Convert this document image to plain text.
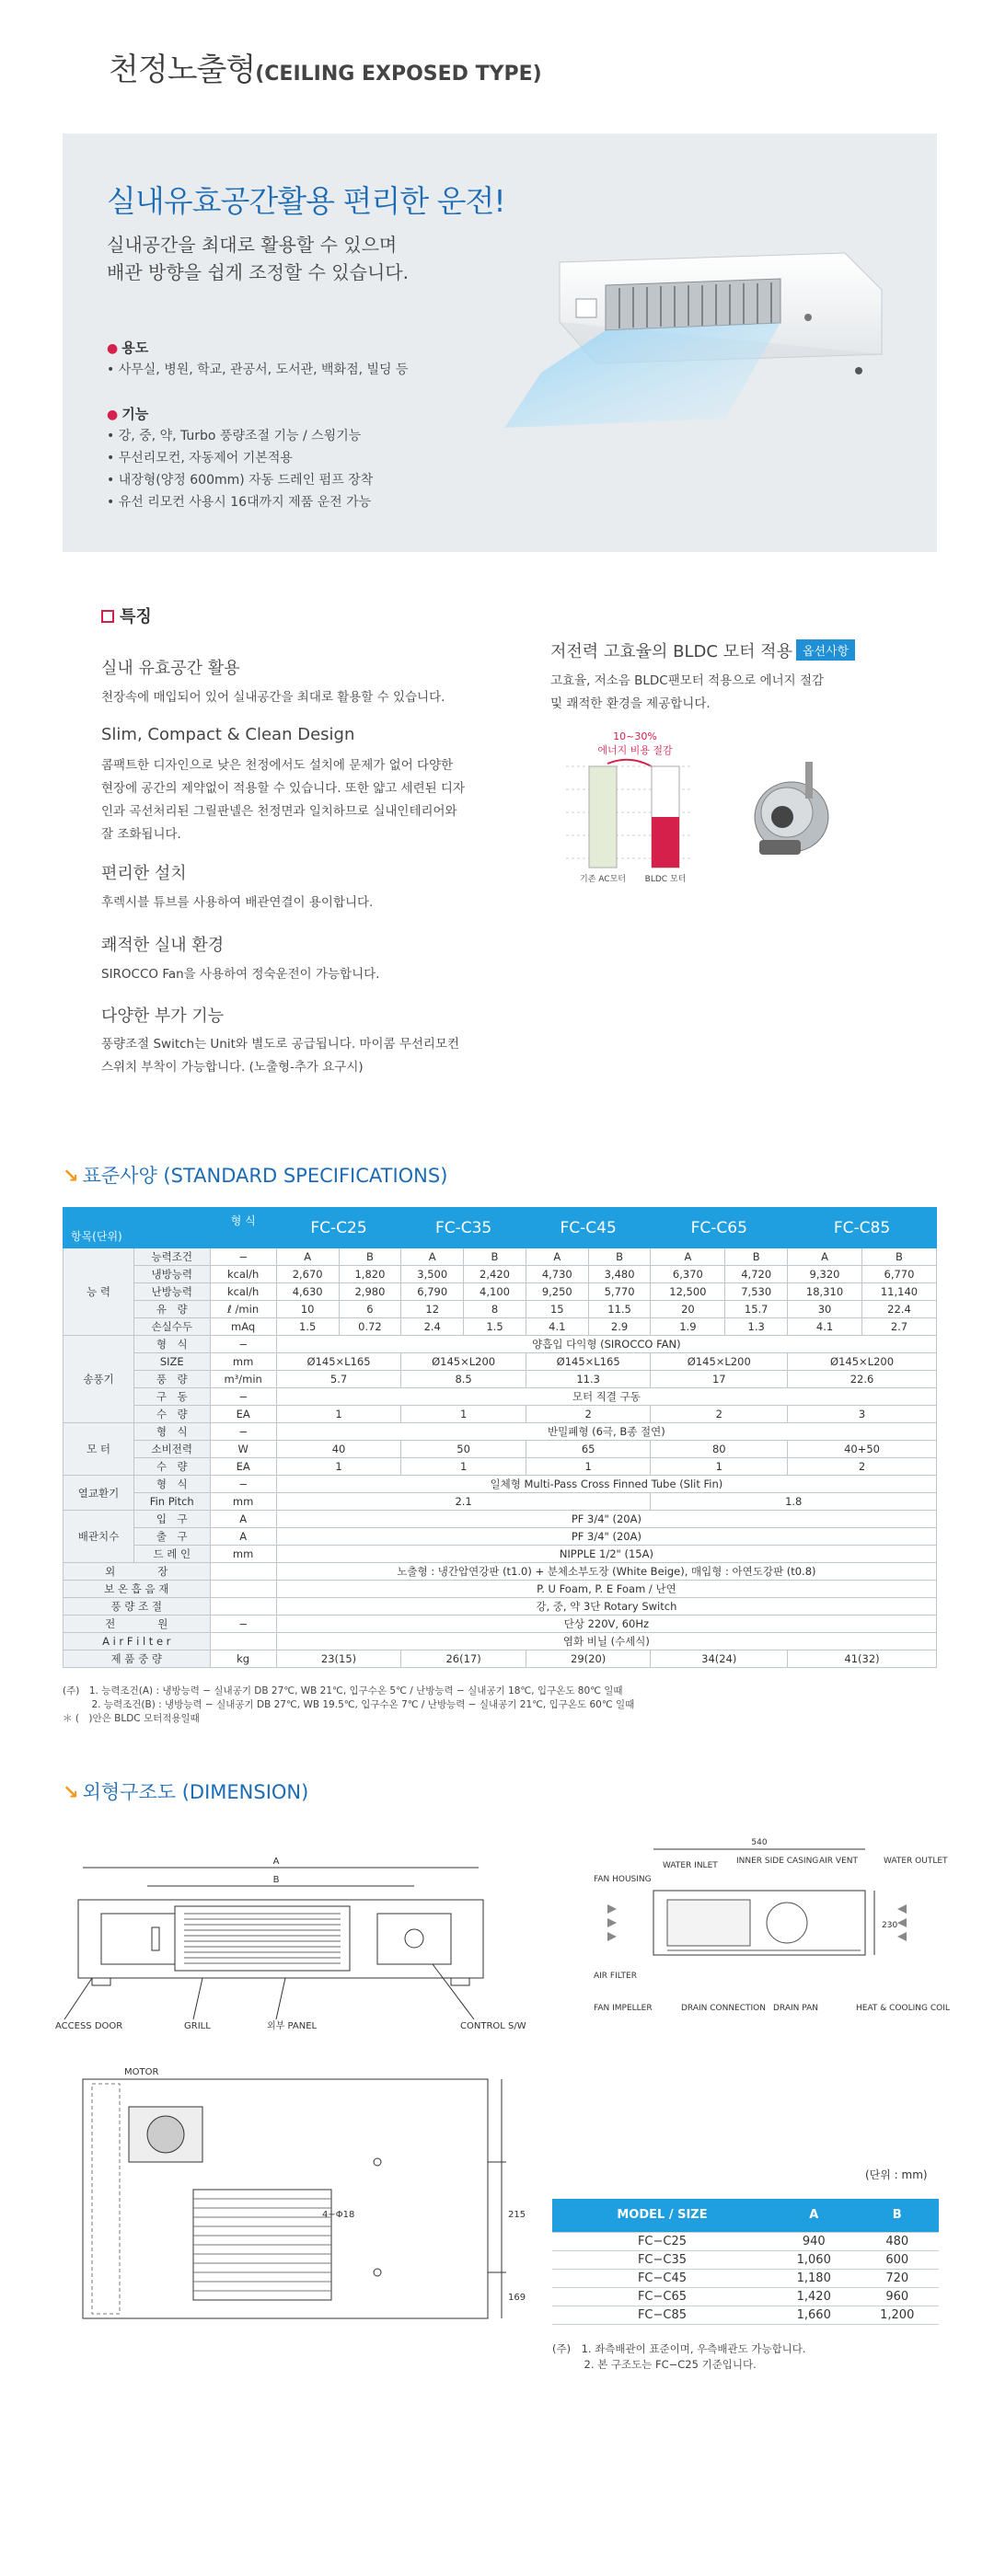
천정노출형(CEILING EXPOSED TYPE)
실내유효공간활용 편리한 운전!
실내공간을 최대로 활용할 수 있으며
배관 방향을 쉽게 조정할 수 있습니다.
● 용도
• 사무실, 병원, 학교, 관공서, 도서관, 백화점, 빌딩 등
● 기능
• 강, 중, 약, Turbo 풍량조절 기능 / 스윙기능
• 무선리모컨, 자동제어 기본적용
• 내장형(양정 600mm) 자동 드레인 펌프 장착
• 유선 리모컨 사용시 16대까지 제품 운전 가능
특징
실내 유효공간 활용
천장속에 매입되어 있어 실내공간을 최대로 활용할 수 있습니다.
Slim, Compact & Clean Design
콤팩트한 디자인으로 낮은 천정에서도 설치에 문제가 없어 다양한
현장에 공간의 제약없이 적용할 수 있습니다. 또한 얇고 세련된 디자
인과 곡선처리된 그릴판넬은 천정면과 일치하므로 실내인테리어와
잘 조화됩니다.
편리한 설치
후렉시블 튜브를 사용하여 배관연결이 용이합니다.
쾌적한 실내 환경
SIROCCO Fan을 사용하여 정숙운전이 가능합니다.
다양한 부가 기능
풍량조절 Switch는 Unit와 별도로 공급됩니다. 마이콤 무선리모컨
스위치 부착이 가능합니다. (노출형-추가 요구시)
저전력 고효율의 BLDC 모터 적용 옵션사항
고효율, 저소음 BLDC팬모터 적용으로 에너지 절감
및 쾌적한 환경을 제공합니다.
10~30%
에너지 비용 절감
기존 AC모터 BLDC 모터
↘ 표준사양 (STANDARD SPECIFICATIONS)
형 식
항목(단위)			FC-C25		FC-C35		FC-C45		FC-C65		FC-C85	
능 력	능력조건	−	A	B	A	B	A	B	A	B	A	B
	냉방능력	kcal/h	2,670	1,820	3,500	2,420	4,730	3,480	6,370	4,720	9,320	6,770
	난방능력	kcal/h	4,630	2,980	6,790	4,100	9,250	5,770	12,500	7,530	18,310	11,140
	유　량	ℓ /min	10	6	12	8	15	11.5	20	15.7	30	22.4
	손실수두	mAq	1.5	0.72	2.4	1.5	4.1	2.9	1.9	1.3	4.1	2.7
송풍기	형　식	−	양흡입 다익형 (SIROCCO FAN)									
	SIZE	mm	Ø145×L165		Ø145×L200		Ø145×L165		Ø145×L200		Ø145×L200	
	풍　량	m³/min	5.7		8.5		11.3		17		22.6	
	구　동	−	모터 직결 구동									
	수　량	EA	1		1		2		2		3	
모 터	형　식	−	반밀폐형 (6극, B종 절연)									
	소비전력	W	40		50		65		80		40+50	
	수　량	EA	1		1		1		1		2	
열교환기	형　식	−	일체형 Multi-Pass Cross Finned Tube (Slit Fin)									
	Fin Pitch	mm	2.1						1.8			
배관치수	입　구	A	PF 3/4" (20A)									
	출　구	A	PF 3/4" (20A)									
	드 레 인	mm	NIPPLE 1/2" (15A)									
외　　　　장			노출형 : 냉간압연강판 (t1.0) + 분체소부도장 (White Beige), 매입형 : 아연도강판 (t0.8)									
보 온 흡 음 재			P. U Foam, P. E Foam / 난연									
풍 량 조 절			강, 중, 약 3단 Rotary Switch									
전　　　　원		−	단상 220V, 60Hz									
A i r F i l t e r			염화 비닐 (수세식)									
제 품 중 량		kg	23(15)		26(17)		29(20)		34(24)		41(32)	
(주)　1. 능력조건(A) : 냉방능력 − 실내공기 DB 27℃, WB 21℃, 입구수온 5℃ / 난방능력 − 실내공기 18℃, 입구온도 80℃ 일때
　　　2. 능력조건(B) : 냉방능력 − 실내공기 DB 27℃, WB 19.5℃, 입구수온 7℃ / 난방능력 − 실내공기 21℃, 입구온도 60℃ 일때
＊ (　)안은 BLDC 모터적용일때
↘ 외형구조도 (DIMENSION)
A
B
ACCESS DOOR	GRILL	외부 PANEL	CONTROL S/W
540
230
WATER INLET INNER SIDE CASING AIR VENT	WATER OUTLET
FAN HOUSING
AIR FILTER
FAN IMPELLER	DRAIN CONNECTION DRAIN PAN	HEAT & COOLING COIL
215
169
4−Φ18
MOTOR
(단위 : mm)
MODEL / SIZE	A	B
FC−C25	940	480
FC−C35	1,060	600
FC−C45	1,180	720
FC−C65	1,420	960
FC−C85	1,660	1,200
(주)　1. 좌측배관이 표준이며, 우측배관도 가능합니다.
　　　2. 본 구조도는 FC−C25 기준입니다.
